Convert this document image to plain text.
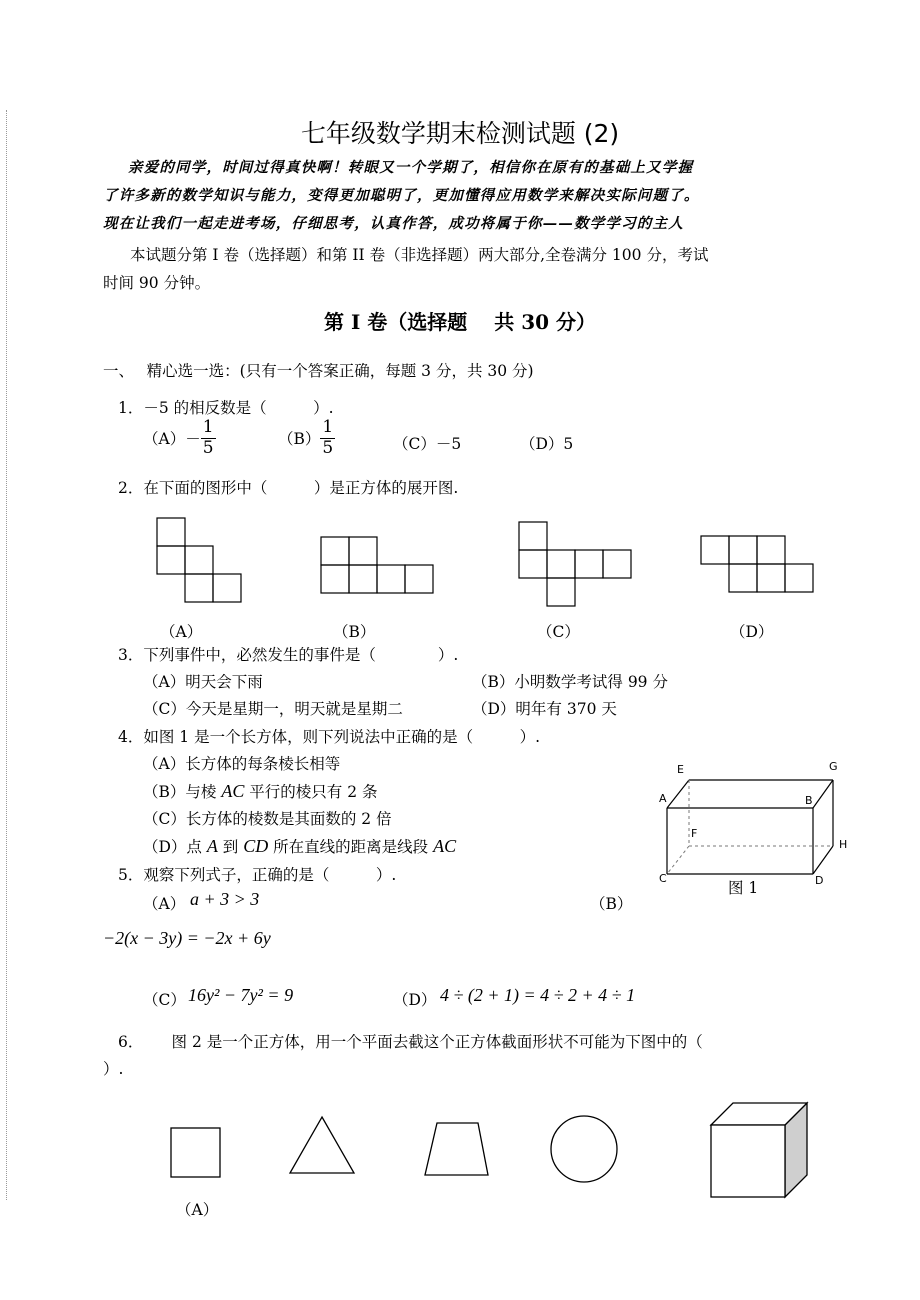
七年级数学期末检测试题 (2)
亲爱的同学，时间过得真快啊！转眼又一个学期了，相信你在原有的基础上又学握
了许多新的数学知识与能力，变得更加聪明了，更加懂得应用数学来解决实际问题了。
现在让我们一起走进考场，仔细思考，认真作答，成功将属于你——数学学习的主人
本试题分第 I 卷（选择题）和第 II 卷（非选择题）两大部分,全卷满分 100 分，考试
时间 90 分钟。
第 I 卷（选择题　 共 30 分）
一、　 精心选一选：(只有一个答案正确，每题 3 分，共 30 分)
1．－5 的相反数是（　　　）.
$(A)- \frac{1}{5}$	$(B) \frac{1}{5}$	（C）－5	（D）5
2．在下面的图形中（　　　）是正方体的展开图.
（A）	（B）	（C）	（D）
3．下列事件中，必然发生的事件是（　　　　）.
（A）明天会下雨	（B）小明数学考试得 99 分
（C）今天是星期一，明天就是星期二	（D）明年有 370 天
4．如图 1 是一个长方体，则下列说法中正确的是（　　　）.
（A）长方体的每条棱长相等
（B）与棱 AC 平行的棱只有 2 条
（C）长方体的棱数是其面数的 2 倍
（D）点 A 到 CD 所在直线的距离是线段 AC
E	G
A	B
F
H
C	D
图 1
5．观察下列式子，正确的是（　　　）.
（A） a + 3 > 3	（B）
−2(x − 3y) = −2x + 6y
（C） 16y² − 7y² = 9	（D） 4 ÷ (2 + 1) = 4 ÷ 2 + 4 ÷ 1
6．　　 图 2 是一个正方体，用一个平面去截这个正方体截面形状不可能为下图中的（
）.
（A）
